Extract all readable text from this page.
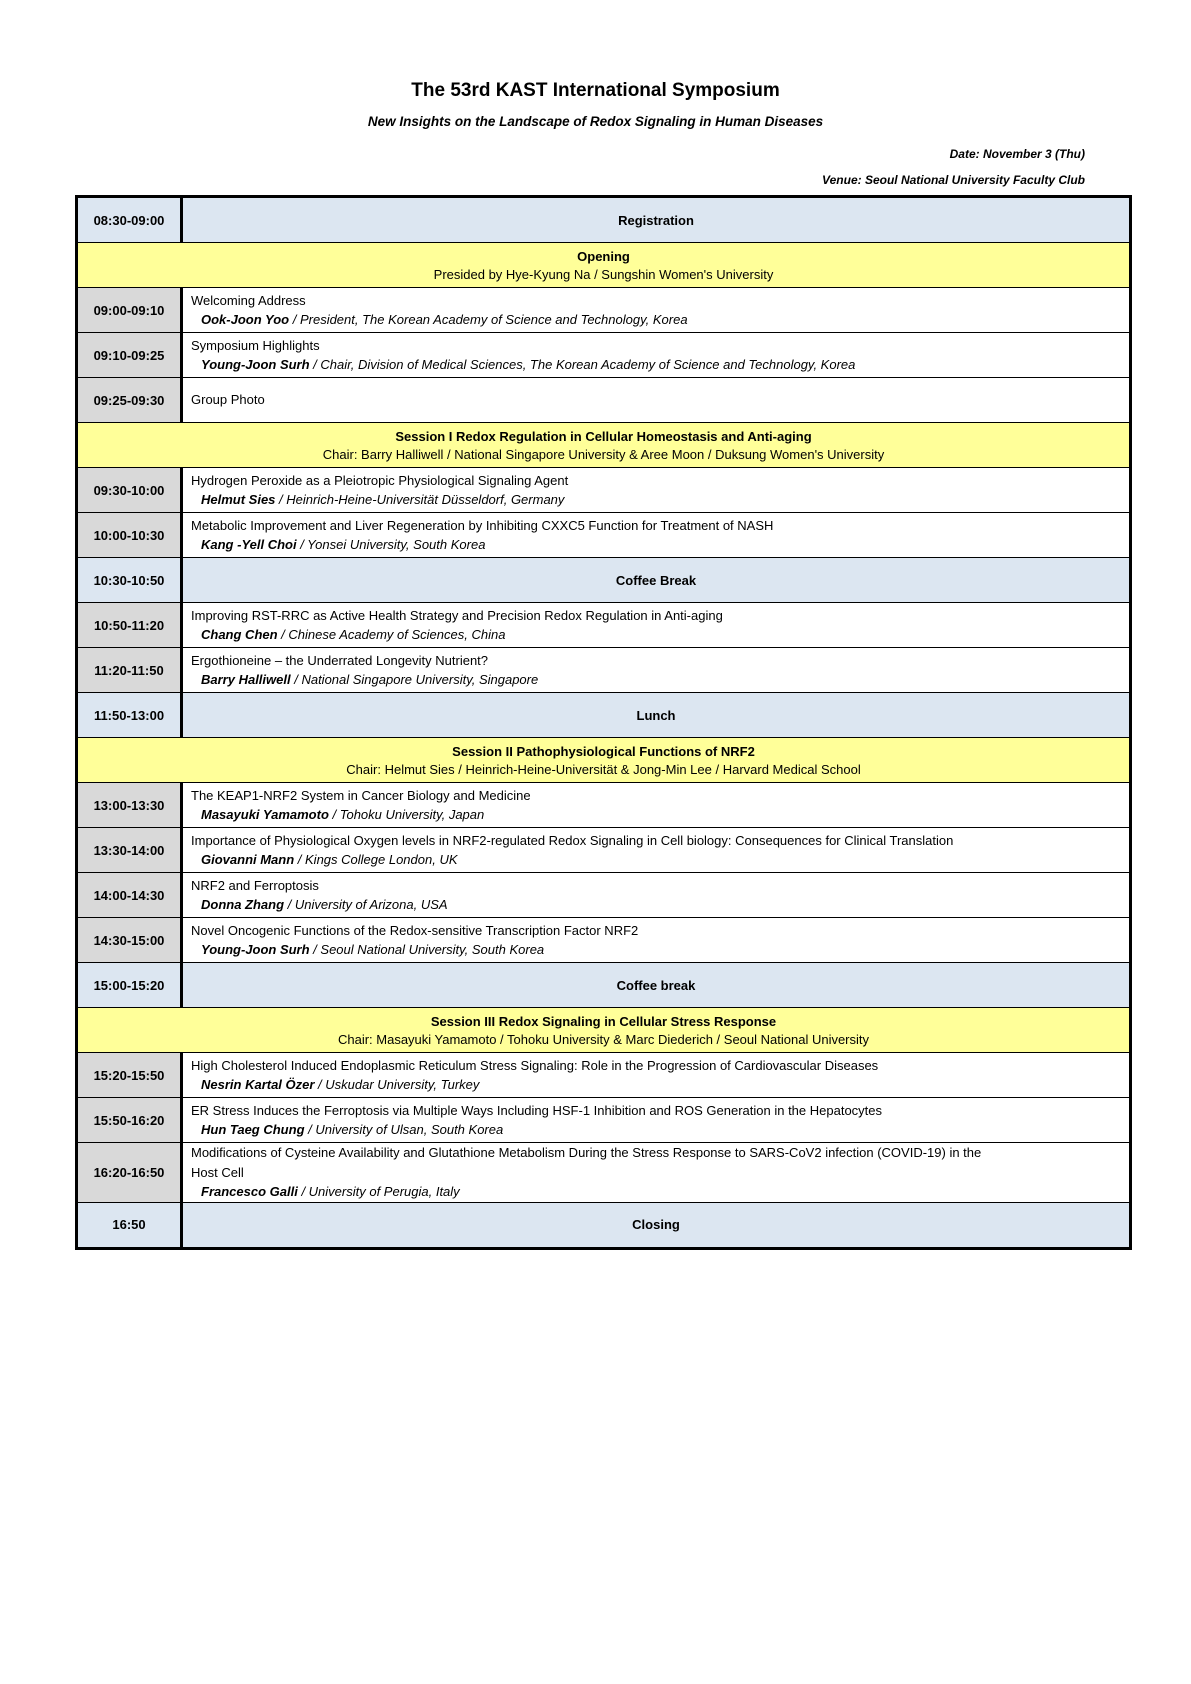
The 53rd KAST International Symposium
New Insights on the Landscape of Redox Signaling in Human Diseases
Date: November 3 (Thu)
Venue: Seoul National University Faculty Club
08:30-09:00	Registration

Opening
Presided by Hye-Kyung Na / Sungshin Women's University	

09:00-09:10	Welcoming Address
Ook-Joon Yoo / President, The Korean Academy of Science and Technology, Korea

09:10-09:25	Symposium Highlights
Young-Joon Surh / Chair, Division of Medical Sciences, The Korean Academy of Science and Technology, Korea

09:25-09:30	Group Photo

Session I Redox Regulation in Cellular Homeostasis and Anti-aging
Chair: Barry Halliwell / National Singapore University & Aree Moon / Duksung Women's University	

09:30-10:00	Hydrogen Peroxide as a Pleiotropic Physiological Signaling Agent
Helmut Sies / Heinrich-Heine-Universität Düsseldorf, Germany

10:00-10:30	Metabolic Improvement and Liver Regeneration by Inhibiting CXXC5 Function for Treatment of NASH
Kang -Yell Choi / Yonsei University, South Korea

10:30-10:50	Coffee Break
10:50-11:20	Improving RST-RRC as Active Health Strategy and Precision Redox Regulation in Anti-aging
Chang Chen / Chinese Academy of Sciences, China

11:20-11:50	Ergothioneine – the Underrated Longevity Nutrient?
Barry Halliwell / National Singapore University, Singapore

11:50-13:00	Lunch

Session II Pathophysiological Functions of NRF2
Chair: Helmut Sies / Heinrich-Heine-Universität & Jong-Min Lee / Harvard Medical School	

13:00-13:30	The KEAP1-NRF2 System in Cancer Biology and Medicine
Masayuki Yamamoto / Tohoku University, Japan

13:30-14:00	Importance of Physiological Oxygen levels in NRF2-regulated Redox Signaling in Cell biology: Consequences for Clinical Translation
Giovanni Mann / Kings College London, UK

14:00-14:30	NRF2 and Ferroptosis
Donna Zhang / University of Arizona, USA

14:30-15:00	Novel Oncogenic Functions of the Redox-sensitive Transcription Factor NRF2
Young-Joon Surh / Seoul National University, South Korea

15:00-15:20	Coffee break

Session III Redox Signaling in Cellular Stress Response
Chair: Masayuki Yamamoto / Tohoku University & Marc Diederich / Seoul National University	

15:20-15:50	High Cholesterol Induced Endoplasmic Reticulum Stress Signaling: Role in the Progression of Cardiovascular Diseases
Nesrin Kartal Özer / Uskudar University, Turkey

15:50-16:20	ER Stress Induces the Ferroptosis via Multiple Ways Including HSF-1 Inhibition and ROS Generation in the Hepatocytes
Hun Taeg Chung / University of Ulsan, South Korea

16:20-16:50	Modifications of Cysteine Availability and Glutathione Metabolism During the Stress Response to SARS-CoV2 infection (COVID-19) in the Host Cell
Francesco Galli / University of Perugia, Italy

16:50	Closing
